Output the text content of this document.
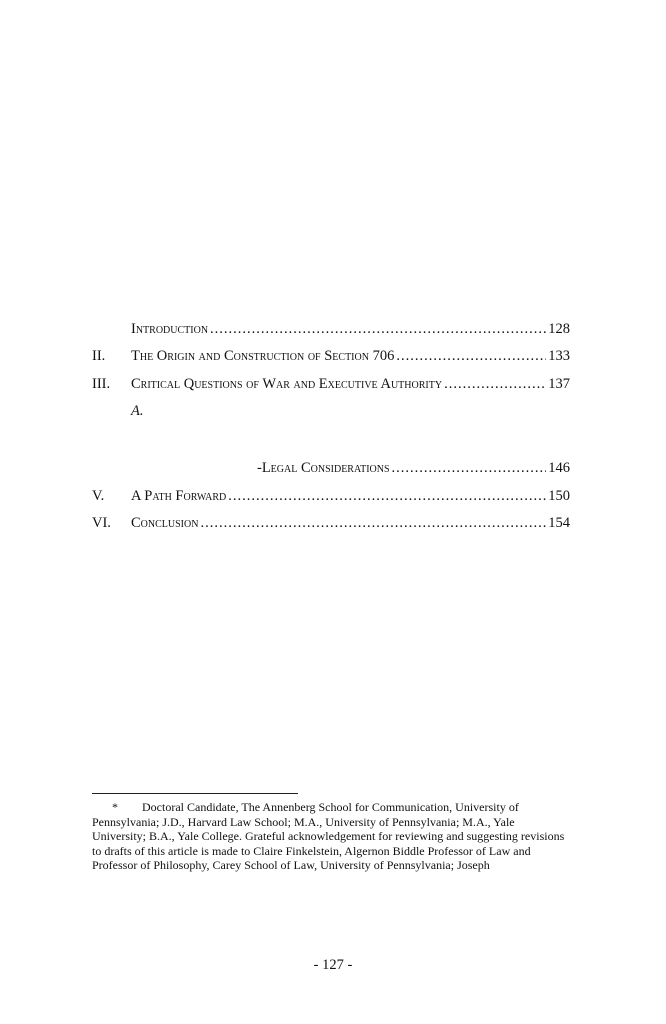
Introduction .....	128
II. The Origin and Construction of Section 706 .....	133
III. Critical Questions of War and Executive Authority .....	137
A.
-Legal Considerations .....	146
V. A Path Forward .....	150
VI. Conclusion .....	154
* Doctoral Candidate, The Annenberg School for Communication, University of Pennsylvania; J.D., Harvard Law School; M.A., University of Pennsylvania; M.A., Yale University; B.A., Yale College. Grateful acknowledgement for reviewing and suggesting revisions to drafts of this article is made to Claire Finkelstein, Algernon Biddle Professor of Law and Professor of Philosophy, Carey School of Law, University of Pennsylvania; Joseph
- 127 -
